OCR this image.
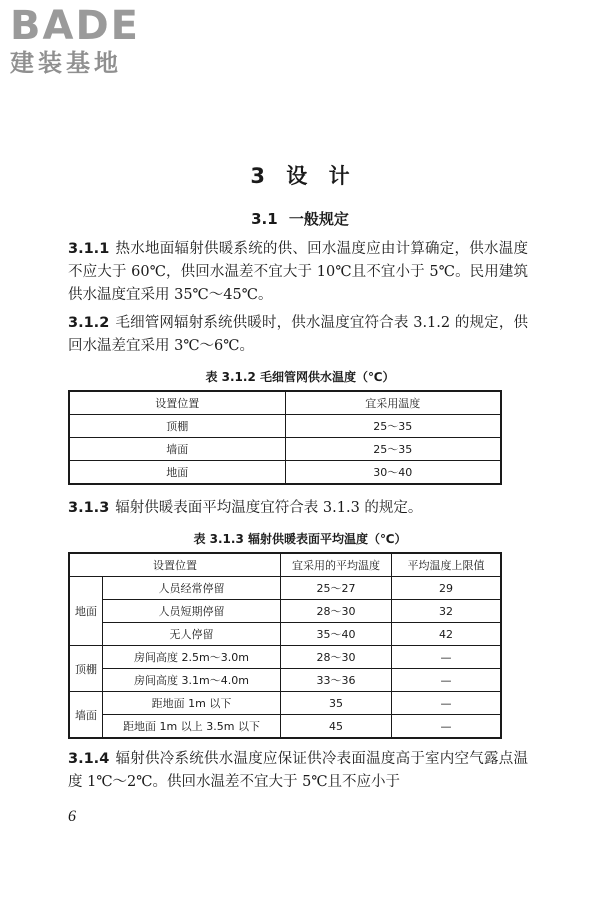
BADE
建装基地
3 设 计
3.1 一般规定
3.1.1 热水地面辐射供暖系统的供、回水温度应由计算确定，供水温度不应大于 60℃，供回水温差不宜大于 10℃且不宜小于 5℃。民用建筑供水温度宜采用 35℃～45℃。
3.1.2 毛细管网辐射系统供暖时，供水温度宜符合表 3.1.2 的规定，供回水温差宜采用 3℃～6℃。
表 3.1.2 毛细管网供水温度（℃）
设置位置	宜采用温度
顶棚	25～35
墙面	25～35
地面	30～40
3.1.3 辐射供暖表面平均温度宜符合表 3.1.3 的规定。
表 3.1.3 辐射供暖表面平均温度（℃）
设置位置		宜采用的平均温度	平均温度上限值
地面	人员经常停留	25～27	29
	人员短期停留	28～30	32
	无人停留	35～40	42
顶棚	房间高度 2.5m～3.0m	28～30	—
	房间高度 3.1m～4.0m	33～36	—
墙面	距地面 1m 以下	35	—
	距地面 1m 以上 3.5m 以下	45	—
3.1.4 辐射供冷系统供水温度应保证供冷表面温度高于室内空气露点温度 1℃～2℃。供回水温差不宜大于 5℃且不应小于
6
